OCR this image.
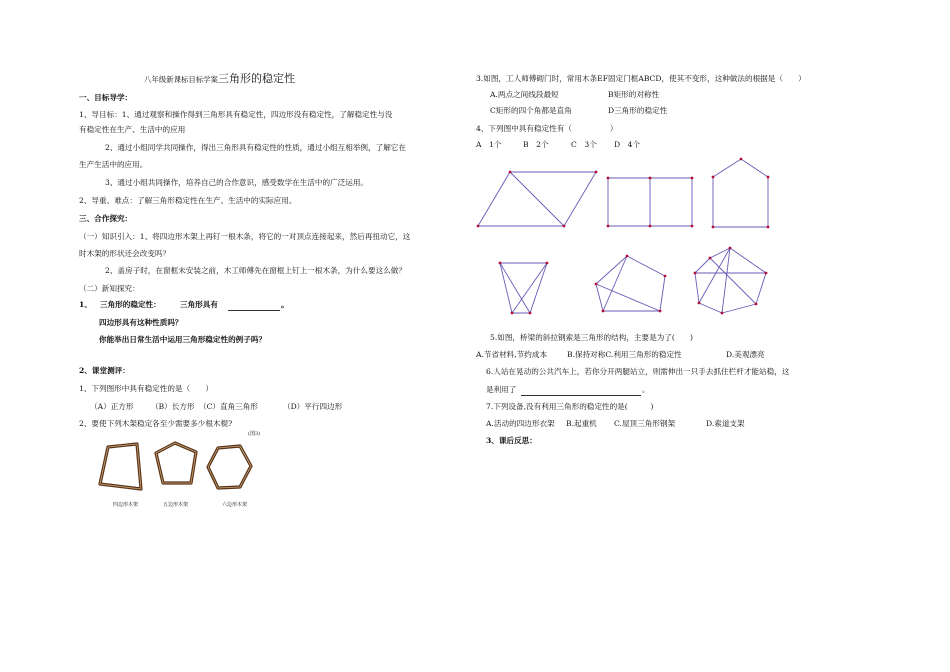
八年级新课标目标学案 三角形的稳定性
一、目标导学：
1、导目标：1、通过观察和操作得到三角形具有稳定性，四边形没有稳定性，了解稳定性与没
有稳定性在生产、生活中的应用
2、通过小组同学共同操作，得出三角形具有稳定性的性质，通过小组互相举例，了解它在
生产生活中的应用。
3、通过小组共同操作，培养自己的合作意识，感受数学在生活中的广泛运用。
2、导重、难点：了解三角形稳定性在生产、生活中的实际应用。
三、合作探究：
（一）知识引入：1、将四边形木架上再钉一根木条，将它的一对顶点连接起来，然后再扭动它，这
时木架的形状还会改变吗？
2、盖房子时，在窗框未安装之前，木工师傅先在窗框上钉上一根木条，为什么要这么做？
（二）新知探究：
1、 三角形的稳定性：	三角形具有	。
四边形具有这种性质吗？
你能举出日常生活中运用三角形稳定性的例子吗？
2、课堂测评：
1、下列图形中具有稳定性的是（　　）
（A）正方形 （B）长方形 （C）直角三角形	（D）平行四边形
2、要使下列木架稳定各至少需要多少根木棍?
(图3)
四边形木架	五边形木架	六边形木架
3.如图，工人师傅砌门时，常用木条EF固定门框ABCD，使其不变形，这种做法的根据是（　　）
A.两点之间线段最短	B矩形的对称性
C矩形的四个角都是直角	D三角形的稳定性
4、下列图中具有稳定性有（　　　　　）
A　1个	B　2个	C　3个 D　4个
5.如图，桥梁的斜拉钢索是三角形的结构，主要是为了(　　)
A.节省材料,节约成本	B.保持对称C.利用三角形的稳定性	D.美观漂亮
6.人站在晃动的公共汽车上，若你分开两腿站立，则需伸出一只手去抓住栏杆才能站稳，这
是利用了	。
7.下列设备,没有利用三角形的稳定性的是(　　　)
A.活动的四边形衣架 B.起重机 C.屋顶三角形钢架	D.索道支架
3、课后反思：
